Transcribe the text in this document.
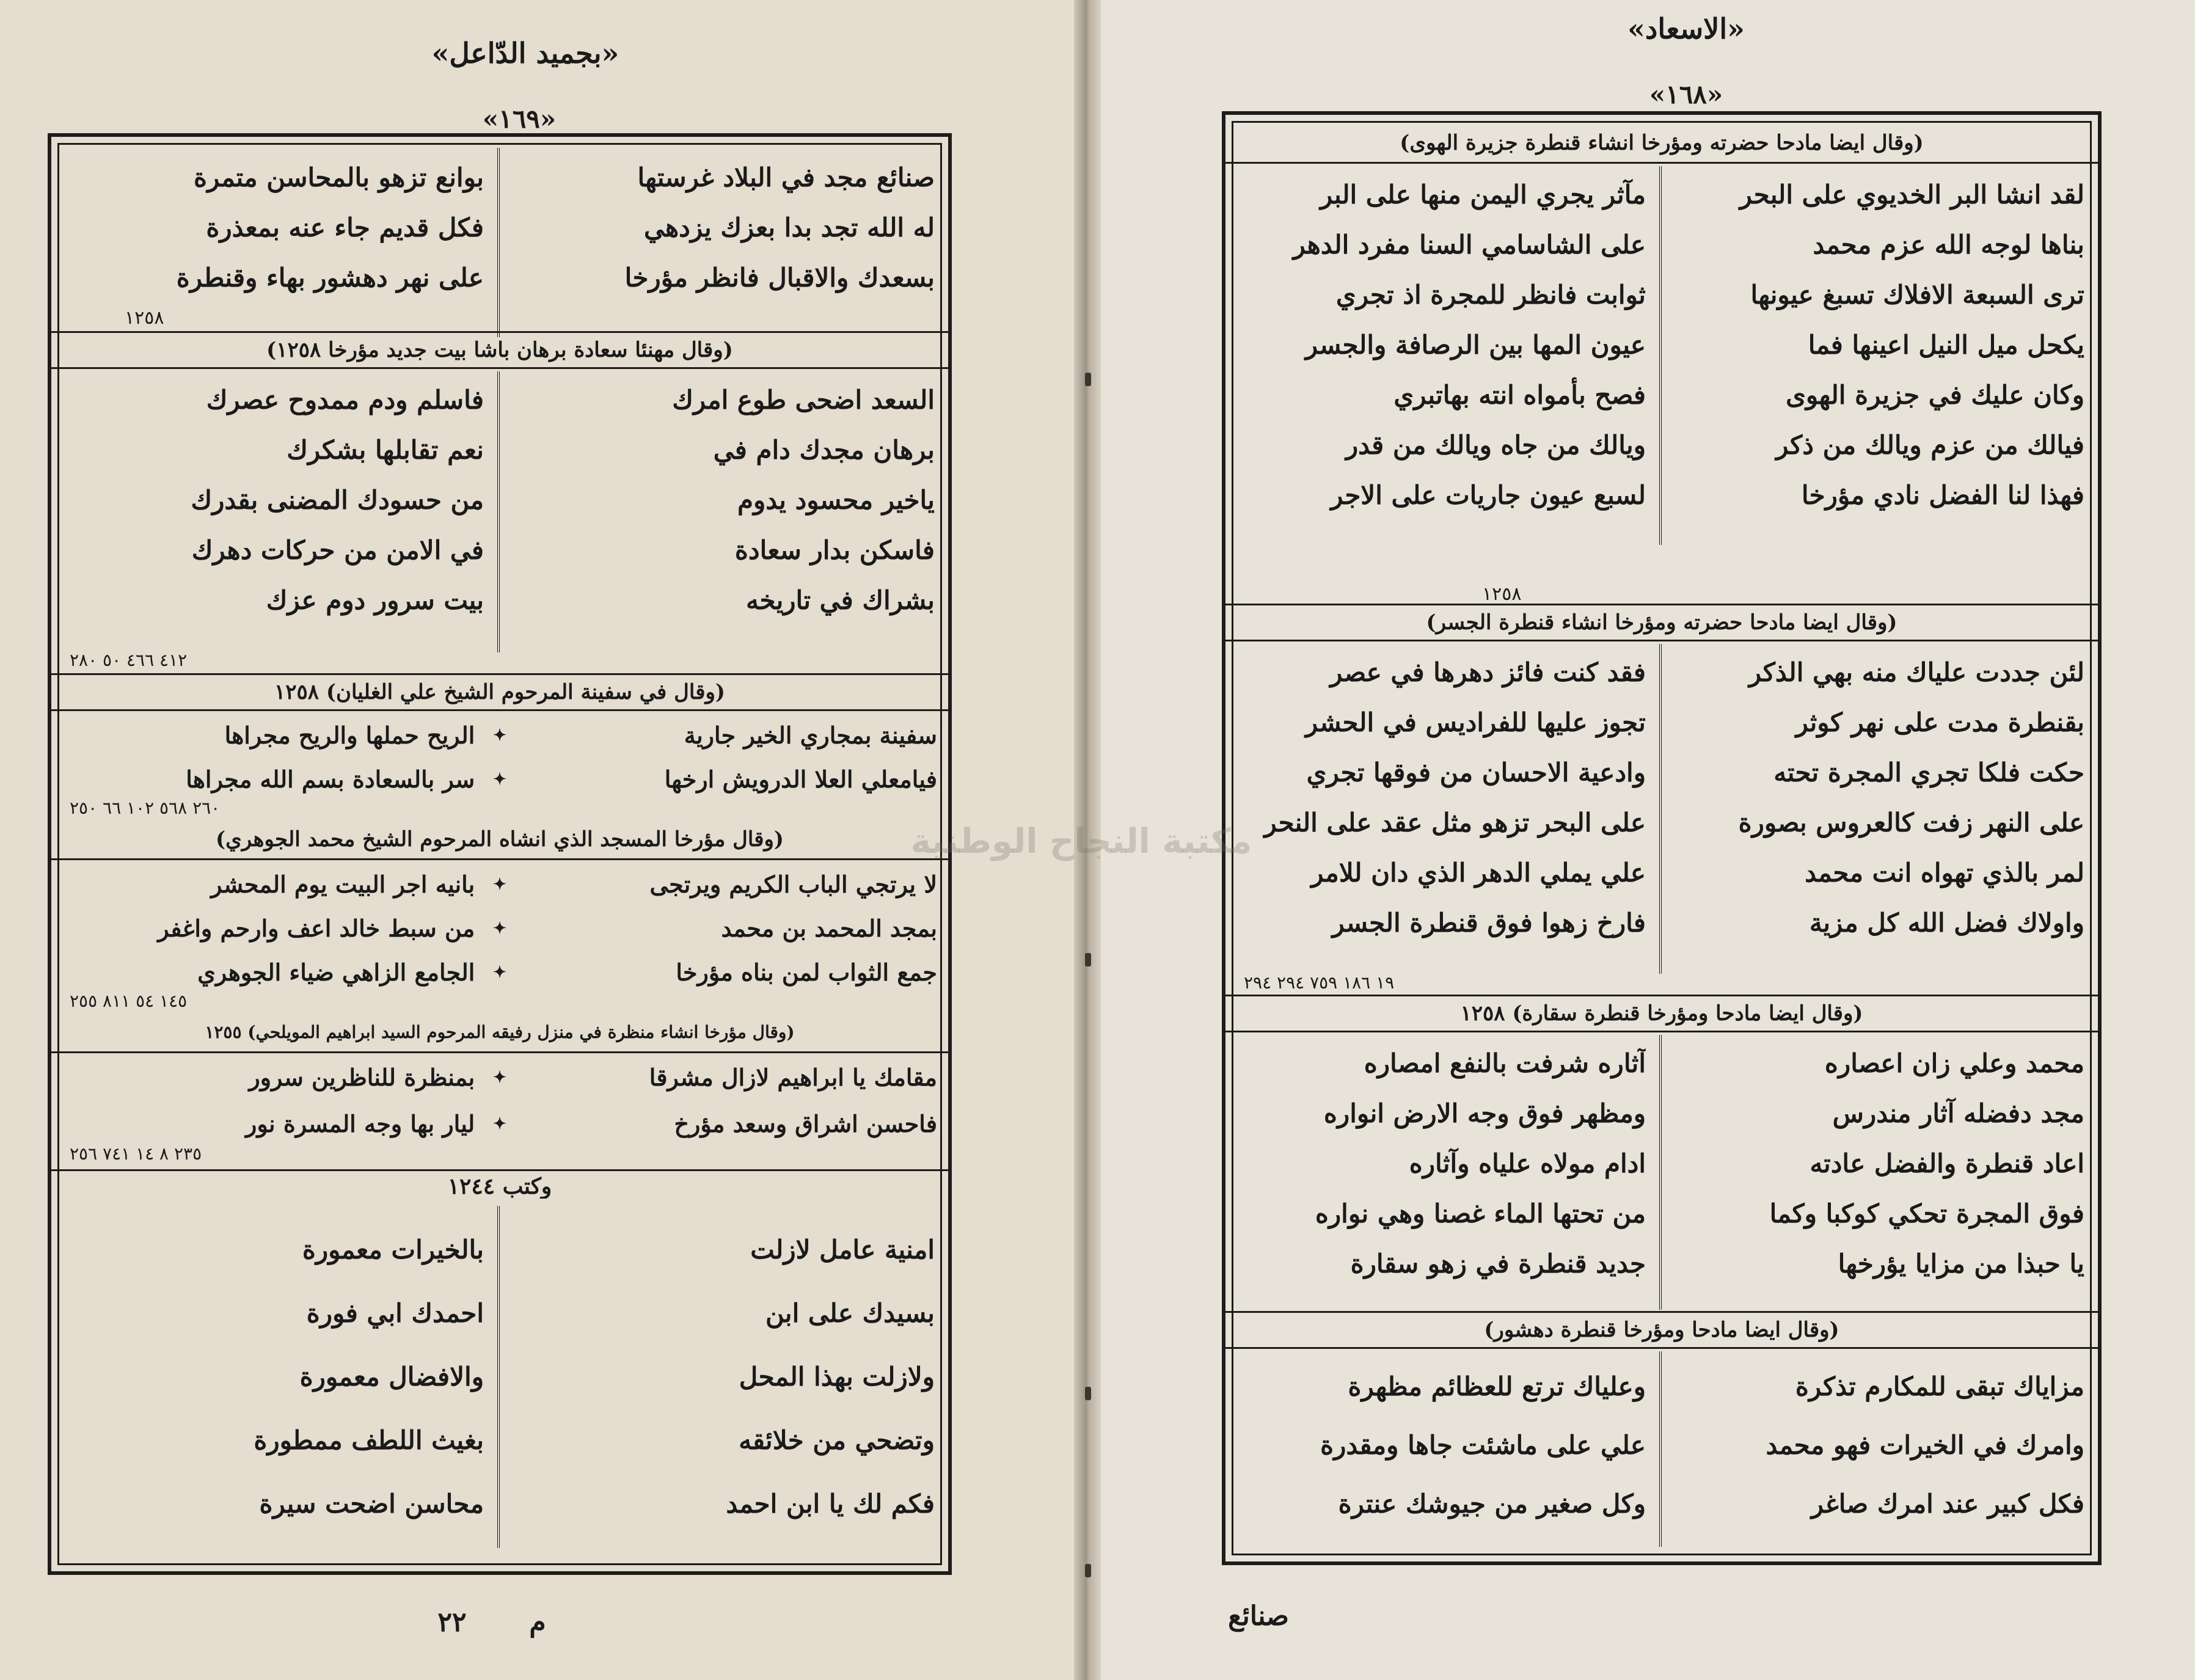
«بجميد الدّاعل»
«١٦٩»
صنائع مجد في البلاد غرستها
له الله تجد بدا بعزك يزدهي
بسعدك والاقبال فانظر مؤرخا
بوانع تزهو بالمحاسن متمرة
فكل قديم جاء عنه بمعذرة
على نهر دهشور بهاء وقنطرة
١٢٥٨
(وقال مهنئا سعادة برهان باشا بيت جديد مؤرخا ١٢٥٨)
السعد اضحى طوع امرك
برهان مجدك دام في
ياخير محسود يدوم
فاسكن بدار سعادة
بشراك في تاريخه
فاسلم ودم ممدوح عصرك
نعم تقابلها بشكرك
من حسودك المضنى بقدرك
في الامن من حركات دهرك
بيت سرور دوم عزك
٤١٢ ٤٦٦ ٥٠ ٢٨٠
(وقال في سفينة المرحوم الشيخ علي الغليان) ١٢٥٨
سفينة بمجاري الخير جارية
✦
الريح حملها والريح مجراها
فيامعلي العلا الدرويش ارخها
✦
سر بالسعادة بسم الله مجراها
٢٦٠ ٥٦٨ ١٠٢ ٦٦ ٢٥٠
(وقال مؤرخا المسجد الذي انشاه المرحوم الشيخ محمد الجوهري)
لا يرتجي الباب الكريم ويرتجى
✦
بانيه اجر البيت يوم المحشر
بمجد المحمد بن محمد
✦
من سبط خالد اعف وارحم واغفر
جمع الثواب لمن بناه مؤرخا
✦
الجامع الزاهي ضياء الجوهري
١٤٥ ٥٤ ٨١١ ٢٥٥
(وقال مؤرخا انشاء منظرة في منزل رفيقه المرحوم السيد ابراهيم المويلحي) ١٢٥٥
مقامك يا ابراهيم لازال مشرقا
✦
بمنظرة للناظرين سرور
فاحسن اشراق وسعد مؤرخ
✦
ليار بها وجه المسرة نور
٢٣٥ ٨ ١٤ ٧٤١ ٢٥٦
وكتب ١٢٤٤
امنية عامل لازلت
بسيدك على ابن
ولازلت بهذا المحل
وتضحي من خلائقه
فكم لك يا ابن احمد
بالخيرات معمورة
احمدك ابي فورة
والافضال معمورة
بغيث اللطف ممطورة
محاسن اضحت سيرة
م
٢٢
«الاسعاد»
«١٦٨»
(وقال ايضا مادحا حضرته ومؤرخا انشاء قنطرة جزيرة الهوى)
لقد انشا البر الخديوي على البحر
بناها لوجه الله عزم محمد
ترى السبعة الافلاك تسبغ عيونها
يكحل ميل النيل اعينها فما
وكان عليك في جزيرة الهوى
فيالك من عزم ويالك من ذكر
فهذا لنا الفضل نادي مؤرخا
مآثر يجري اليمن منها على البر
على الشاسامي السنا مفرد الدهر
ثوابت فانظر للمجرة اذ تجري
عيون المها بين الرصافة والجسر
فصح بأمواه انته بهاتبري
ويالك من جاه ويالك من قدر
لسبع عيون جاريات على الاجر
١٢٥٨
(وقال ايضا مادحا حضرته ومؤرخا انشاء قنطرة الجسر)
لئن جددت علياك منه بهي الذكر
بقنطرة مدت على نهر كوثر
حكت فلكا تجري المجرة تحته
على النهر زفت كالعروس بصورة
لمر بالذي تهواه انت محمد
واولاك فضل الله كل مزية
فقد كنت فائز دهرها في عصر
تجوز عليها للفراديس في الحشر
وادعية الاحسان من فوقها تجري
على البحر تزهو مثل عقد على النحر
علي يملي الدهر الذي دان للامر
فارخ زهوا فوق قنطرة الجسر
١٩ ١٨٦ ٧٥٩ ٢٩٤ ٢٩٤
(وقال ايضا مادحا ومؤرخا قنطرة سقارة) ١٢٥٨
محمد وعلي زان اعصاره
مجد دفضله آثار مندرس
اعاد قنطرة والفضل عادته
فوق المجرة تحكي كوكبا وكما
يا حبذا من مزايا يؤرخها
آثاره شرفت بالنفع امصاره
ومظهر فوق وجه الارض انواره
ادام مولاه علياه وآثاره
من تحتها الماء غصنا وهي نواره
جديد قنطرة في زهو سقارة
(وقال ايضا مادحا ومؤرخا قنطرة دهشور)
مزاياك تبقى للمكارم تذكرة
وامرك في الخيرات فهو محمد
فكل كبير عند امرك صاغر
وعلياك ترتع للعظائم مظهرة
علي على ماشئت جاها ومقدرة
وكل صغير من جيوشك عنترة
صنائع
مكتبة النجاح الوطنية
